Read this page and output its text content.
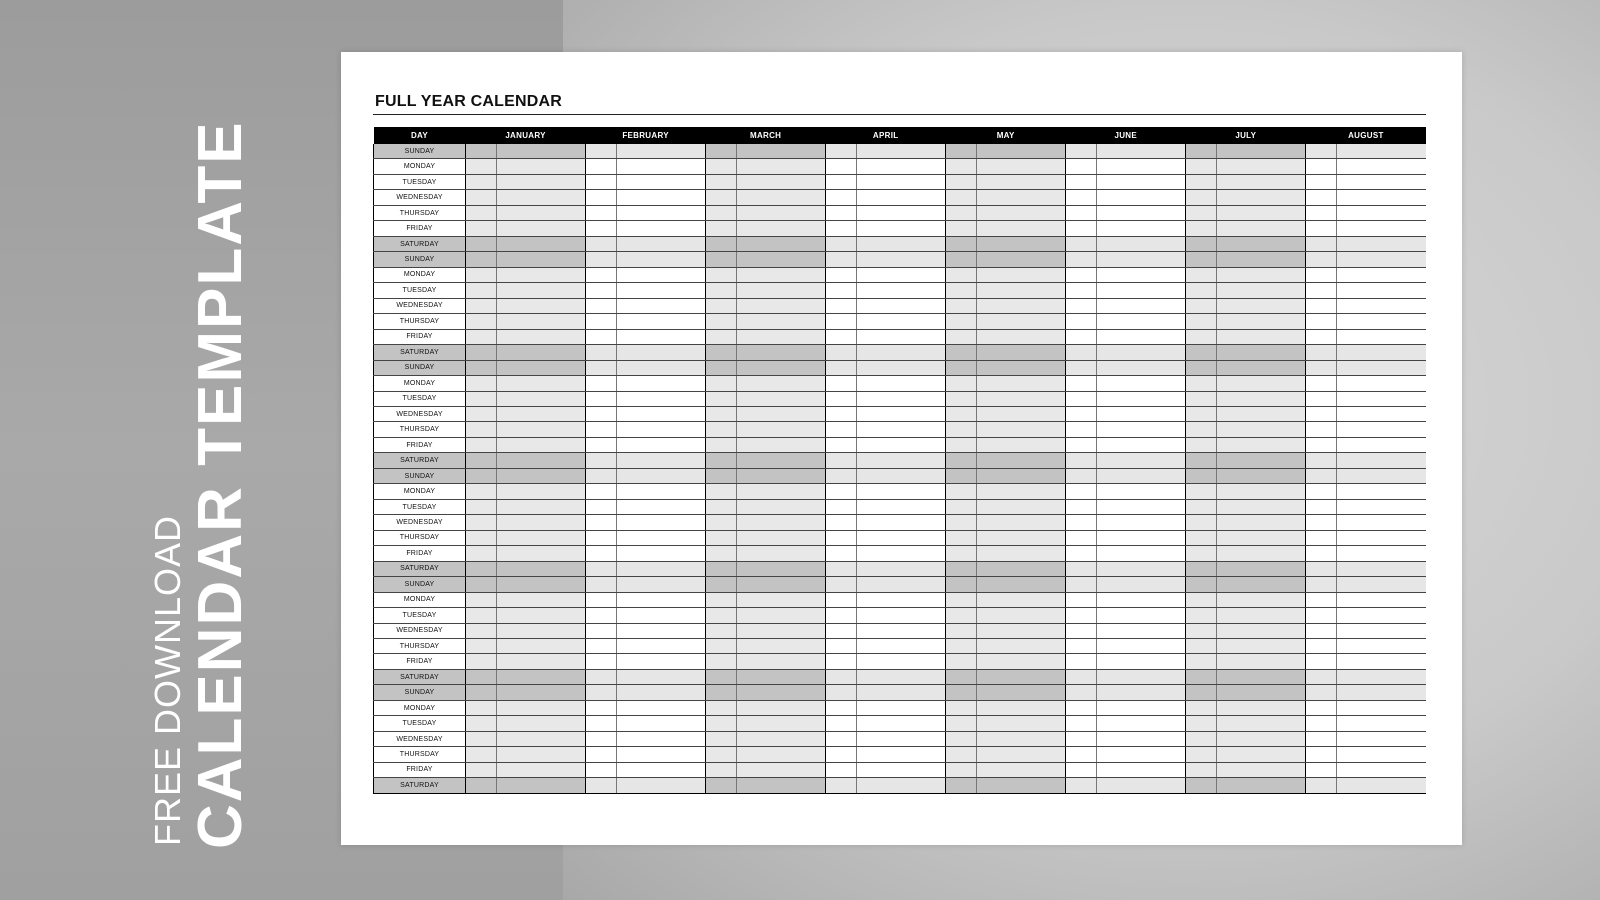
FREE DOWNLOAD
CALENDAR TEMPLATE
FULL YEAR CALENDAR
DAY	JANUARY		FEBRUARY		MARCH		APRIL		MAY		JUNE		JULY		AUGUST	
SUNDAY																
MONDAY																
TUESDAY																
WEDNESDAY																
THURSDAY																
FRIDAY																
SATURDAY																
SUNDAY																
MONDAY																
TUESDAY																
WEDNESDAY																
THURSDAY																
FRIDAY																
SATURDAY																
SUNDAY																
MONDAY																
TUESDAY																
WEDNESDAY																
THURSDAY																
FRIDAY																
SATURDAY																
SUNDAY																
MONDAY																
TUESDAY																
WEDNESDAY																
THURSDAY																
FRIDAY																
SATURDAY																
SUNDAY																
MONDAY																
TUESDAY																
WEDNESDAY																
THURSDAY																
FRIDAY																
SATURDAY																
SUNDAY																
MONDAY																
TUESDAY																
WEDNESDAY																
THURSDAY																
FRIDAY																
SATURDAY																
